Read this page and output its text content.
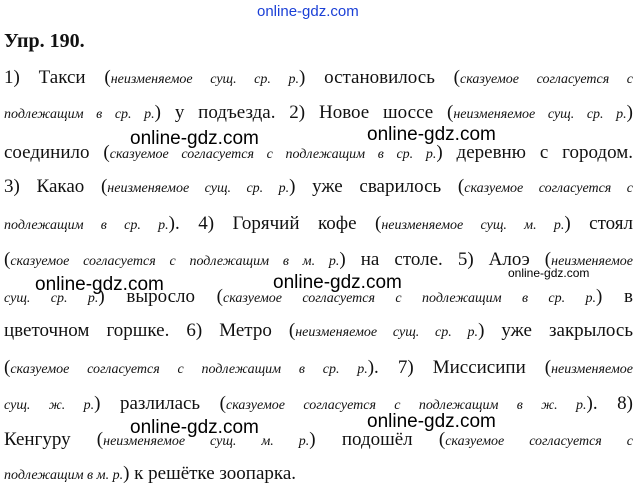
online-gdz.com
Упр. 190.
1) Такси (неизменяемое сущ. ср. р.) остановилось (сказуемое согласуется с
подлежащим в ср. р.) у подъезда. 2) Новое шоссе (неизменяемое сущ. ср. р.)
соединило (сказуемое согласуется с подлежащим в ср. р.) деревню с городом.
3) Какао (неизменяемое сущ. ср. р.) уже сварилось (сказуемое согласуется с
подлежащим в ср. р.). 4) Горячий кофе (неизменяемое сущ. м. р.) стоял
(сказуемое согласуется с подлежащим в м. р.) на столе. 5) Алоэ (неизменяемое
сущ. ср. р.) выросло (сказуемое согласуется с подлежащим в ср. р.) в
цветочном горшке. 6) Метро (неизменяемое сущ. ср. р.) уже закрылось
(сказуемое согласуется с подлежащим в ср. р.). 7) Миссисипи (неизменяемое
сущ. ж. р.) разлилась (сказуемое согласуется с подлежащим в ж. р.). 8)
Кенгуру (неизменяемое сущ. м. р.) подошёл (сказуемое согласуется с
подлежащим в м. р.) к решётке зоопарка.
online-gdz.com	online-gdz.com
online-gdz.com
online-gdz.com	online-gdz.com
online-gdz.com	online-gdz.com
